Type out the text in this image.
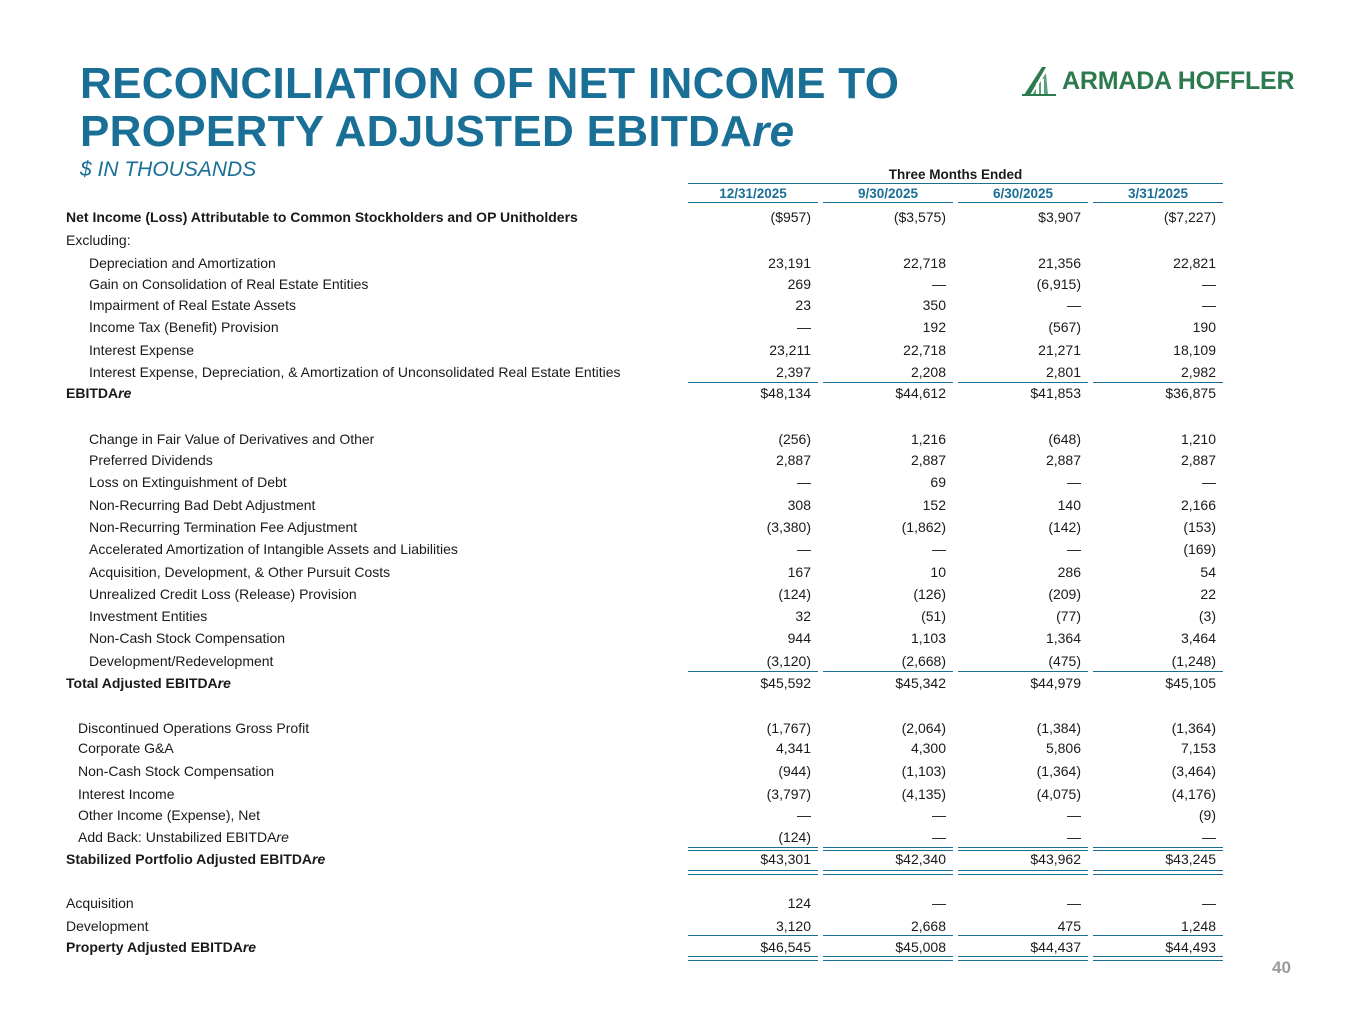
RECONCILIATION OF NET INCOME TO
PROPERTY ADJUSTED EBITDAre
$ IN THOUSANDS
ARMADA HOFFLER
Three Months Ended
12/31/2025	9/30/2025	6/30/2025	3/31/2025
Net Income (Loss) Attributable to Common Stockholders and OP Unitholders	($957)	($3,575)	$3,907	($7,227)
Excluding:
Depreciation and Amortization	23,191	22,718	21,356	22,821
Gain on Consolidation of Real Estate Entities	269	—	(6,915)	—
Impairment of Real Estate Assets	23	350	—	—
Income Tax (Benefit) Provision	—	192	(567)	190
Interest Expense	23,211	22,718	21,271	18,109
Interest Expense, Depreciation, & Amortization of Unconsolidated Real Estate Entities	2,397	2,208	2,801	2,982
EBITDAre	$48,134	$44,612	$41,853	$36,875
Change in Fair Value of Derivatives and Other	(256)	1,216	(648)	1,210
Preferred Dividends	2,887	2,887	2,887	2,887
Loss on Extinguishment of Debt	—	69	—	—
Non-Recurring Bad Debt Adjustment	308	152	140	2,166
Non-Recurring Termination Fee Adjustment	(3,380)	(1,862)	(142)	(153)
Accelerated Amortization of Intangible Assets and Liabilities	—	—	—	(169)
Acquisition, Development, & Other Pursuit Costs	167	10	286	54
Unrealized Credit Loss (Release) Provision	(124)	(126)	(209)	22
Investment Entities	32	(51)	(77)	(3)
Non-Cash Stock Compensation	944	1,103	1,364	3,464
Development/Redevelopment	(3,120)	(2,668)	(475)	(1,248)
Total Adjusted EBITDAre	$45,592	$45,342	$44,979	$45,105
Discontinued Operations Gross Profit	(1,767)	(2,064)	(1,384)	(1,364)
Corporate G&A	4,341	4,300	5,806	7,153
Non-Cash Stock Compensation	(944)	(1,103)	(1,364)	(3,464)
Interest Income	(3,797)	(4,135)	(4,075)	(4,176)
Other Income (Expense), Net	—	—	—	(9)
Add Back: Unstabilized EBITDAre	(124)	—	—	—
Stabilized Portfolio Adjusted EBITDAre	$43,301	$42,340	$43,962	$43,245
Acquisition	124	—	—	—
Development	3,120	2,668	475	1,248
Property Adjusted EBITDAre	$46,545	$45,008	$44,437	$44,493
40
